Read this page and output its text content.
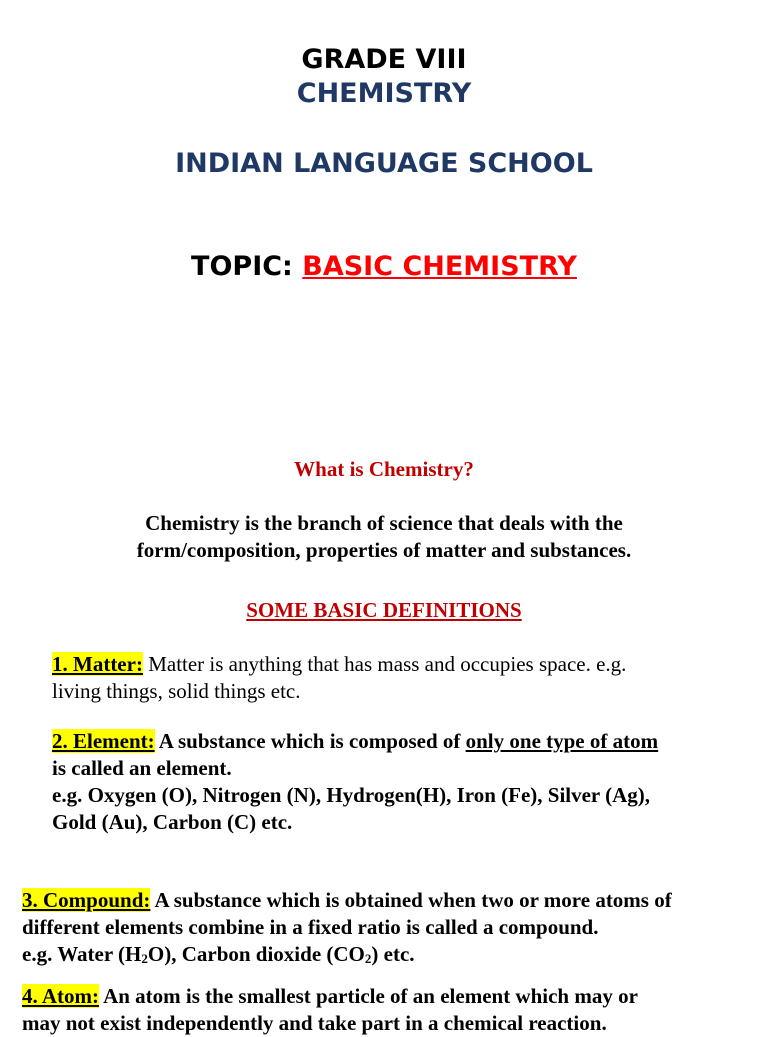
GRADE VIII
CHEMISTRY
INDIAN LANGUAGE SCHOOL
TOPIC: BASIC CHEMISTRY
What is Chemistry?
Chemistry is the branch of science that deals with the
form/composition, properties of matter and substances.
SOME BASIC DEFINITIONS
1. Matter: Matter is anything that has mass and occupies space. e.g.
living things, solid things etc.
2. Element: A substance which is composed of only one type of atom
is called an element.
e.g. Oxygen (O), Nitrogen (N), Hydrogen(H), Iron (Fe), Silver (Ag),
Gold (Au), Carbon (C) etc.
3. Compound: A substance which is obtained when two or more atoms of
different elements combine in a fixed ratio is called a compound.
e.g. Water $(H_2O)$, Carbon dioxide $(CO_2)$ etc.
4. Atom: An atom is the smallest particle of an element which may or
may not exist independently and take part in a chemical reaction.
